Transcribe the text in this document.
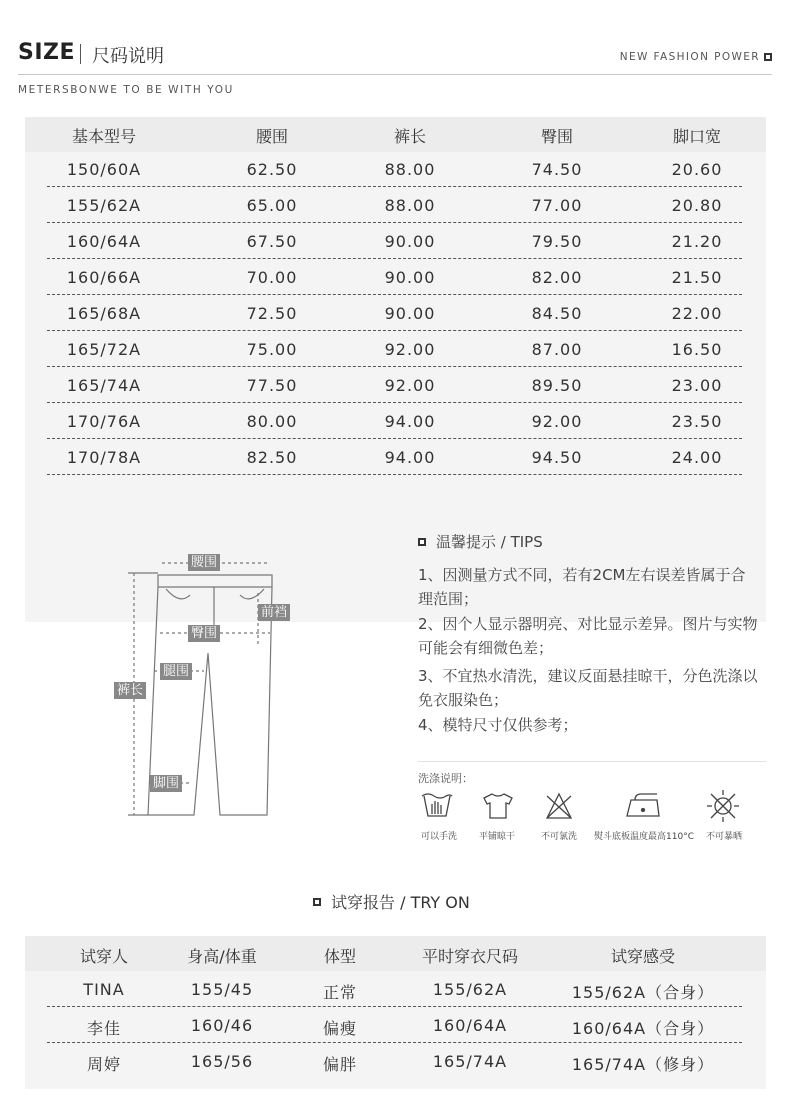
SIZE 尺码说明	NEW FASHION POWER
METERSBONWE TO BE WITH YOU
基本型号	腰围	裤长	臀围	脚口宽
150/60A	62.50	88.00	74.50	20.60
155/62A	65.00	88.00	77.00	20.80
160/64A	67.50	90.00	79.50	21.20
160/66A	70.00	90.00	82.00	21.50
165/68A	72.50	90.00	84.50	22.00
165/72A	75.00	92.00	87.00	16.50
165/74A	77.50	92.00	89.50	23.00
170/76A	80.00	94.00	92.00	23.50
170/78A	82.50	94.00	94.50	24.00
腰围
前裆
臀围
腿围
裤长
脚围
温馨提示 / TIPS
1、因测量方式不同，若有2CM左右误差皆属于合理范围；
2、因个人显示器明亮、对比显示差异。图片与实物可能会有细微色差；
3、不宜热水清洗，建议反面悬挂晾干，分色洗涤以免衣服染色；
4、模特尺寸仅供参考；
洗涤说明：
可以手洗	平铺晾干	不可氯洗	熨斗底板温度最高110°C	不可暴晒
试穿报告 / TRY ON
试穿人	身高/体重	体型	平时穿衣尺码	试穿感受
TINA	155/45	正常	155/62A	155/62A（合身）
李佳	160/46	偏瘦	160/64A	160/64A（合身）
周婷	165/56	偏胖	165/74A	165/74A（修身）
